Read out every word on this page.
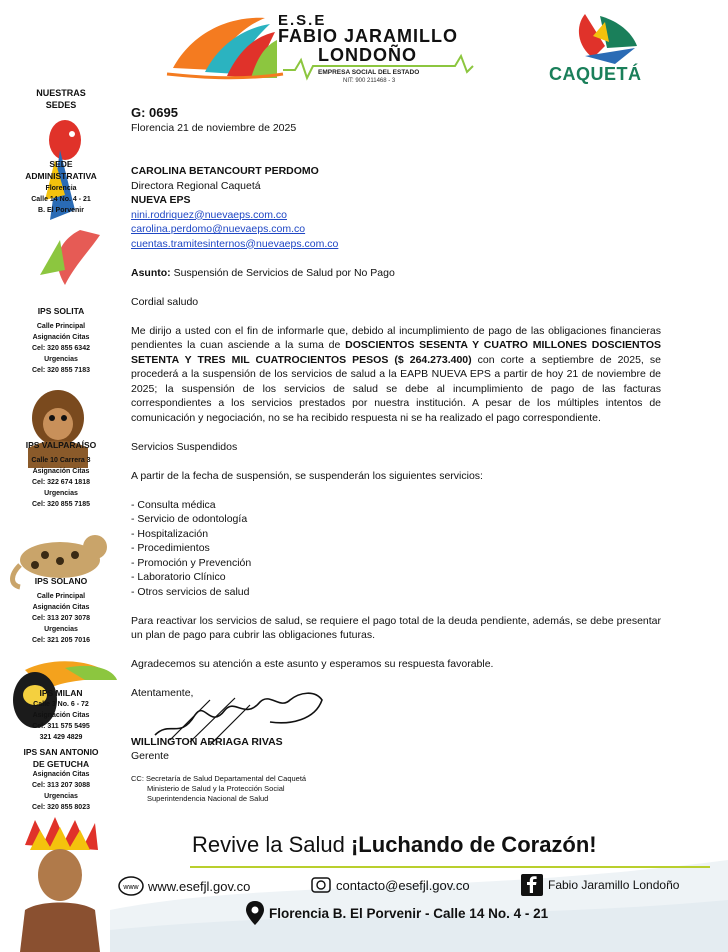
E.S.E
FABIO JARAMILLO
LONDOÑO
EMPRESA SOCIAL DEL ESTADO
NIT: 900 211468 - 3	CAQUETÁ
NUESTRAS
SEDES
SEDE
ADMINISTRATIVA
Florencia
Calle 14 No. 4 - 21
B. El Porvenir
IPS SOLITA
Calle Principal
Asignación Citas
Cel: 320 855 6342
Urgencias
Cel: 320 855 7183
IPS VALPARAÍSO
Calle 10 Carrera 3
Asignación Citas
Cel: 322 674 1818
Urgencias
Cel: 320 855 7185
IPS SOLANO
Calle Principal
Asignación Citas
Cel: 313 207 3078
Urgencias
Cel: 321 205 7016
IPS MILAN
Calle 3 No. 6 - 72
Asignación Citas
Cel: 311 575 5495
321 429 4829
IPS SAN ANTONIO
DE GETUCHA
Asignación Citas
Cel: 313 207 3088
Urgencias
Cel: 320 855 8023

G: 0695

Florencia 21 de noviembre de 2025

CAROLINA BETANCOURT PERDOMO

Directora Regional Caquetá

NUEVA EPS

nini.rodriquez@nuevaeps.com.co
carolina.perdomo@nuevaeps.com.co
cuentas.tramitesinternos@nuevaeps.com.co

Asunto: Suspensión de Servicios de Salud por No Pago

Cordial saludo

Me dirijo a usted con el fin de informarle que, debido al incumplimiento de pago de las obligaciones financieras pendientes la cuan asciende a la suma de DOSCIENTOS SESENTA Y CUATRO MILLONES DOSCIENTOS SETENTA Y TRES MIL CUATROCIENTOS PESOS ($ 264.273.400) con corte a septiembre de 2025, se procederá a la suspensión de los servicios de salud a la EAPB NUEVA EPS a partir de hoy 21 de noviembre de 2025; la suspensión de los servicios de salud se debe al incumplimiento de pago de las facturas correspondientes a los servicios prestados por nuestra institución. A pesar de los múltiples intentos de comunicación y negociación, no se ha recibido respuesta ni se ha realizado el pago correspondiente.

Servicios Suspendidos

A partir de la fecha de suspensión, se suspenderán los siguientes servicios:

- Consulta médica
- Servicio de odontología
- Hospitalización
- Procedimientos
- Promoción y Prevención
- Laboratorio Clínico
- Otros servicios de salud

Para reactivar los servicios de salud, se requiere el pago total de la deuda pendiente, además, se debe presentar un plan de pago para cubrir las obligaciones futuras.

Agradecemos su atención a este asunto y esperamos su respuesta favorable.

Atentamente,

WILLINGTON ARRIAGA RIVAS

Gerente

CC: Secretaría de Salud Departamental del Caquetá
Ministerio de Salud y la Protección Social
Superintendencia Nacional de Salud
Revive la Salud ¡Luchando de Corazón!
www www.esefjl.gov.co	contacto@esefjl.gov.co	Fabio Jaramillo Londoño
Florencia B. El Porvenir - Calle 14 No. 4 - 21
